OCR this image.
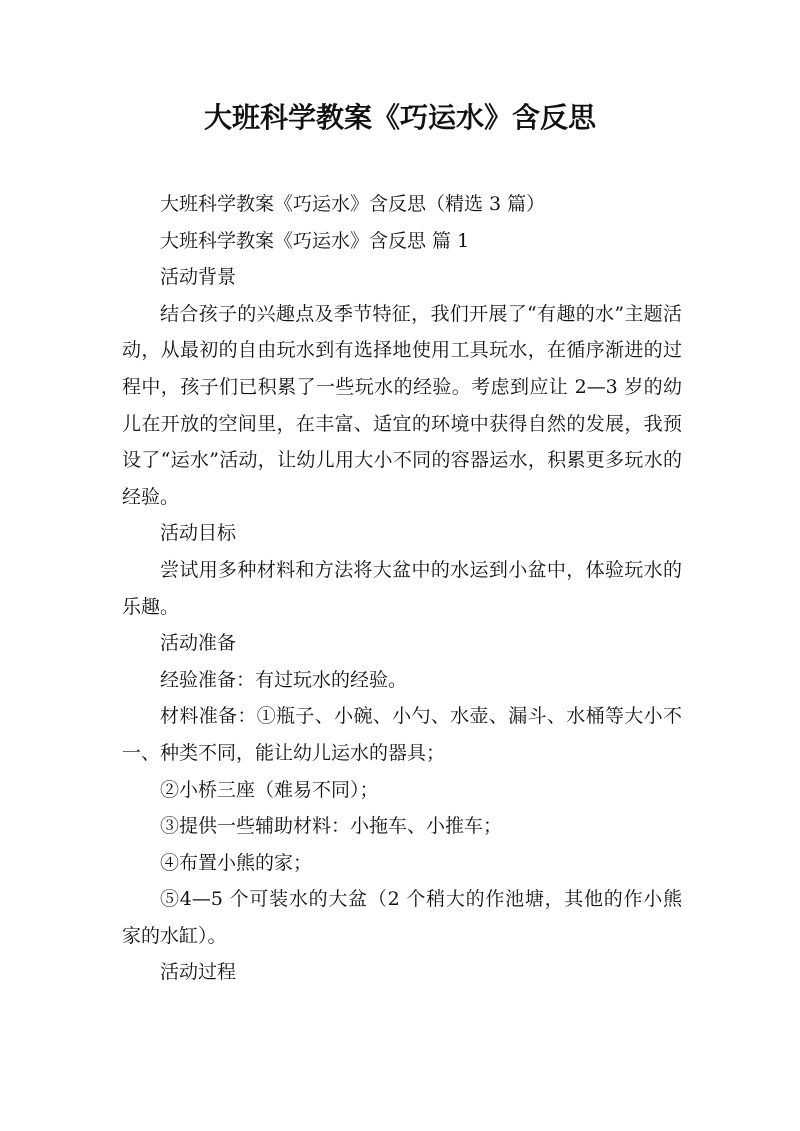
大班科学教案《巧运水》含反思

大班科学教案《巧运水》含反思（精选 3 篇）

大班科学教案《巧运水》含反思 篇 1

活动背景

结合孩子的兴趣点及季节特征，我们开展了“有趣的水”主题活动，从最初的自由玩水到有选择地使用工具玩水，在循序渐进的过程中，孩子们已积累了一些玩水的经验。考虑到应让 2—3 岁的幼儿在开放的空间里，在丰富、适宜的环境中获得自然的发展，我预设了“运水”活动，让幼儿用大小不同的容器运水，积累更多玩水的经验。

活动目标

尝试用多种材料和方法将大盆中的水运到小盆中，体验玩水的乐趣。

活动准备

经验准备：有过玩水的经验。

材料准备：①瓶子、小碗、小勺、水壶、漏斗、水桶等大小不一、种类不同，能让幼儿运水的器具；

②小桥三座（难易不同）；

③提供一些辅助材料：小拖车、小推车；

④布置小熊的家；

⑤4—5 个可装水的大盆（2 个稍大的作池塘，其他的作小熊家的水缸）。

活动过程
